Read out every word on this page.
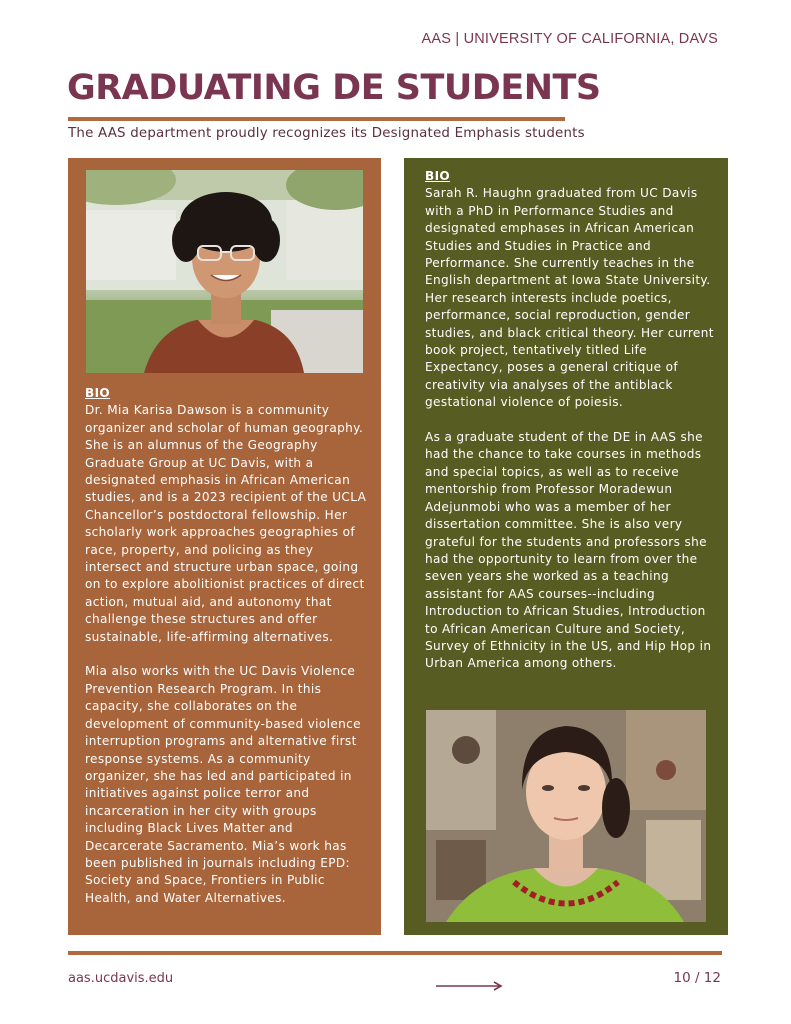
AAS | UNIVERSITY OF CALIFORNIA, DAVS
GRADUATING DE STUDENTS

The AAS department proudly recognizes its Designated Emphasis students

BIO

Dr. Mia Karisa Dawson is a community organizer and scholar of human geography. She is an alumnus of the Geography Graduate Group at UC Davis, with a designated emphasis in African American studies, and is a 2023 recipient of the UCLA Chancellor’s postdoctoral fellowship. Her scholarly work approaches geographies of race, property, and policing as they intersect and structure urban space, going on to explore abolitionist practices of direct action, mutual aid, and autonomy that challenge these structures and offer sustainable, life-affirming alternatives.

Mia also works with the UC Davis Violence Prevention Research Program. In this capacity, she collaborates on the development of community-based violence interruption programs and alternative first response systems. As a community organizer, she has led and participated in initiatives against police terror and incarceration in her city with groups including Black Lives Matter and Decarcerate Sacramento. Mia’s work has been published in journals including EPD: Society and Space, Frontiers in Public Health, and Water Alternatives.

BIO

Sarah R. Haughn graduated from UC Davis with a PhD in Performance Studies and designated emphases in African American Studies and Studies in Practice and Performance. She currently teaches in the English department at Iowa State University. Her research interests include poetics, performance, social reproduction, gender studies, and black critical theory. Her current book project, tentatively titled Life Expectancy, poses a general critique of creativity via analyses of the antiblack gestational violence of poiesis.

As a graduate student of the DE in AAS she had the chance to take courses in methods and special topics, as well as to receive mentorship from Professor Moradewun Adejunmobi who was a member of her dissertation committee. She is also very grateful for the students and professors she had the opportunity to learn from over the seven years she worked as a teaching assistant for AAS courses--including Introduction to African Studies, Introduction to African American Culture and Society, Survey of Ethnicity in the US, and Hip Hop in Urban America among others.

aas.ucdavis.edu	10 / 12
